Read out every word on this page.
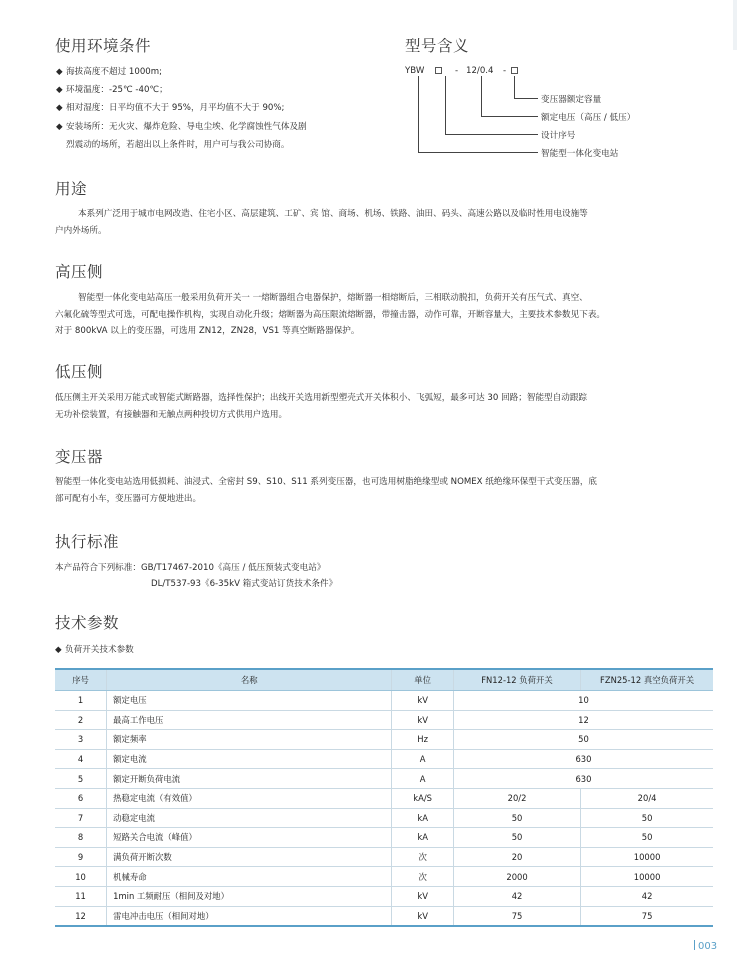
使用环境条件
◆ 海拔高度不超过 1000m;
◆ 环境温度：-25℃ -40℃；
◆ 相对湿度：日平均值不大于 95%，月平均值不大于 90%;
◆ 安装场所：无火灾、爆炸危险、导电尘埃、化学腐蚀性气体及剧
烈震动的场所，若超出以上条件时，用户可与我公司协商。
型号含义
YBW	- 12/0.4 -
变压器额定容量
额定电压（高压 / 低压）
设计序号
智能型一体化变电站
用途

本系列广泛用于城市电网改造、住宅小区、高层建筑、工矿、宾 馆、商场、机场、铁路、油田、码头、高速公路以及临时性用电设施等

户内外场所。

高压侧

智能型一体化变电站高压一般采用负荷开关一 一熔断器组合电器保护，熔断器一相熔断后，三相联动脱扣，负荷开关有压气式、真空、

六氟化硫等型式可选，可配电操作机构，实现自动化升级；熔断器为高压限流熔断器，带撞击器，动作可靠，开断容量大，主要技术参数见下表。

对于 800kVA 以上的变压器，可选用 ZN12，ZN28，VS1 等真空断路器保护。

低压侧

低压侧主开关采用万能式或智能式断路器，选择性保护；出线开关选用新型塑壳式开关体积小、飞弧短，最多可达 30 回路；智能型自动跟踪

无功补偿装置，有接触器和无触点两种投切方式供用户选用。

变压器

智能型一体化变电站选用低损耗、油浸式、全密封 S9、S10、S11 系列变压器，也可选用树脂绝缘型或 NOMEX 纸绝缘环保型干式变压器，底

部可配有小车，变压器可方便地进出。

执行标准

本产品符合下列标准：GB/T17467-2010《高压 / 低压预装式变电站》

DL/T537-93《6-35kV 箱式变站订货技术条件》

技术参数
◆ 负荷开关技术参数
序号	名称	单位	FN12-12 负荷开关	FZN25-12 真空负荷开关
1	额定电压	kV	10	
2	最高工作电压	kV	12	
3	额定频率	Hz	50	
4	额定电流	A	630	
5	额定开断负荷电流	A	630	
6	热稳定电流（有效值）	kA/S	20/2	20/4
7	动稳定电流	kA	50	50
8	短路关合电流（峰值）	kA	50	50
9	满负荷开断次数	次	20	10000
10	机械寿命	次	2000	10000
11	1min 工频耐压（相间及对地）	kV	42	42
12	雷电冲击电压（相间对地）	kV	75	75
003
